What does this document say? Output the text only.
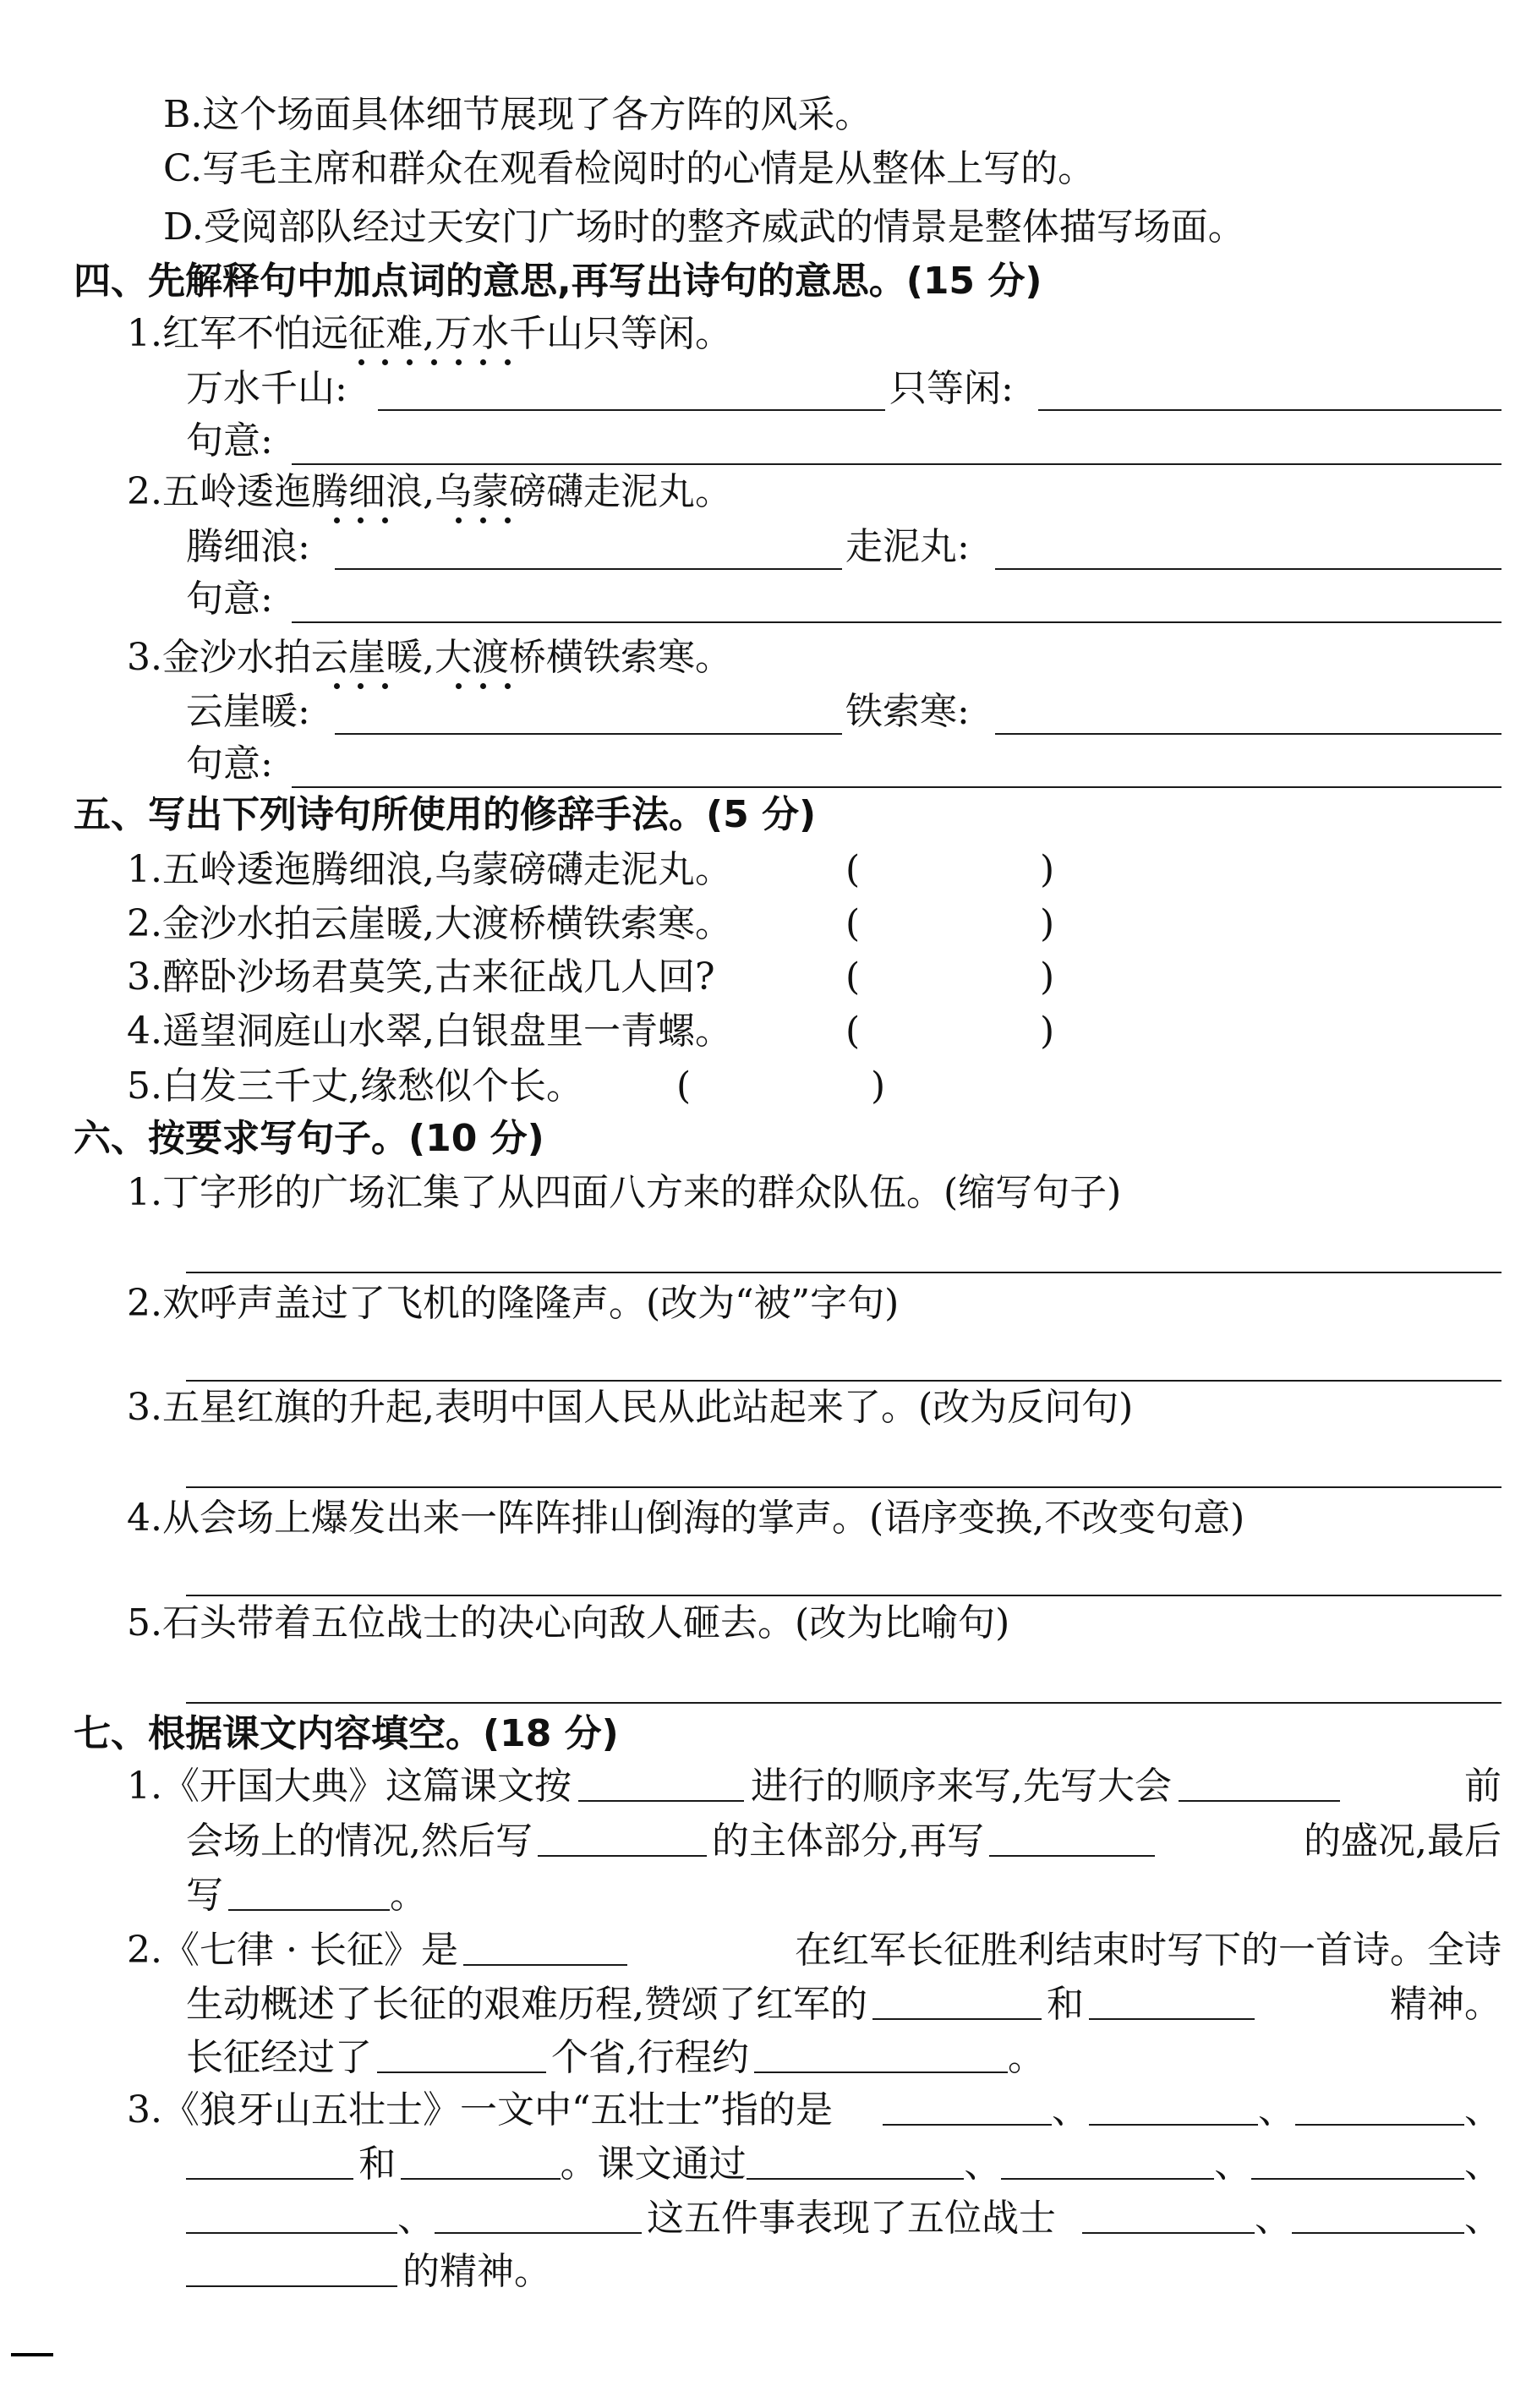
B. 这个场面具体细节展现了各方阵的风采。
C. 写毛主席和群众在观看检阅时的心情是从整体上写的。
D. 受阅部队经过天安门广场时的整齐威武的情景是整体描写场面。
四、先解释句中加点词的意思,再写出诗句的意思。(15 分)
1. 红军不怕远征难,万水千山只等闲。
万水千山:	只等闲:
句意:
2. 五岭逶迤腾细浪,乌蒙磅礴走泥丸。
腾细浪:	走泥丸:
句意:
3. 金沙水拍云崖暖,大渡桥横铁索寒。
云崖暖:	铁索寒:
句意:
五、写出下列诗句所使用的修辞手法。(5 分)
1. 五岭逶迤腾细浪,乌蒙磅礴走泥丸。	(	)
2. 金沙水拍云崖暖,大渡桥横铁索寒。	(	)
3. 醉卧沙场君莫笑,古来征战几人回?	(	)
4. 遥望洞庭山水翠,白银盘里一青螺。	(	)
5. 白发三千丈,缘愁似个长。	(	)
六、按要求写句子。(10 分)
1. 丁字形的广场汇集了从四面八方来的群众队伍。(缩写句子)
2. 欢呼声盖过了飞机的隆隆声。(改为“被”字句)
3. 五星红旗的升起,表明中国人民从此站起来了。(改为反问句)
4. 从会场上爆发出来一阵阵排山倒海的掌声。(语序变换,不改变句意)
5. 石头带着五位战士的决心向敌人砸去。(改为比喻句)
七、根据课文内容填空。(18 分)
1. 《开国大典》这篇课文按	进行的顺序来写,先写大会	前
会场上的情况,然后写	的主体部分,再写	的盛况,最后
写	。
2. 《七律 · 长征》是	在红军长征胜利结束时写下的一首诗。全诗
生动概述了长征的艰难历程,赞颂了红军的	和	精神。
长征经过了	个省,行程约	。
3. 《狼牙山五壮士》一文中“五壮士”指的是	、	、	、
和	。课文通过	、	、	、
、	这五件事表现了五位战士	、	、
的精神。
